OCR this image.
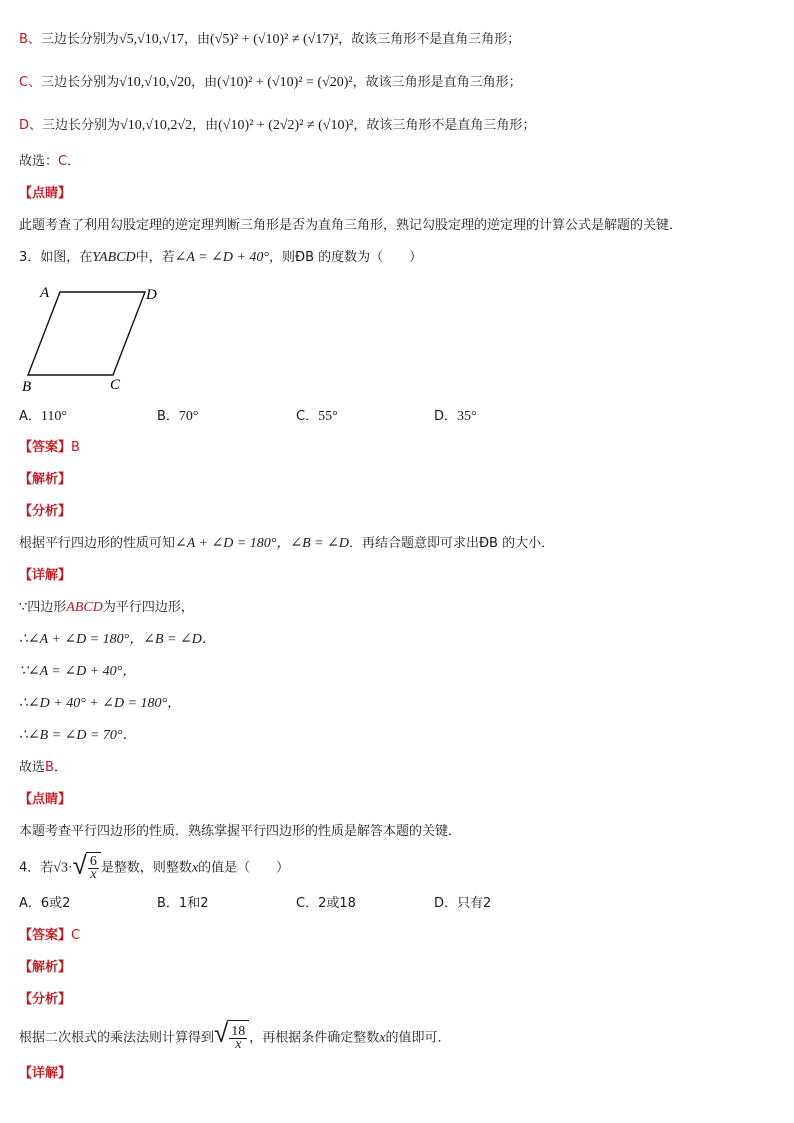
B、三边长分别为√5,√10,√17，由(√5)² + (√10)² ≠ (√17)²，故该三角形不是直角三角形；
C、三边长分别为√10,√10,√20，由(√10)² + (√10)² = (√20)²，故该三角形是直角三角形；
D、三边长分别为√10,√10,2√2，由(√10)² + (2√2)² ≠ (√10)²，故该三角形不是直角三角形；
故选：C．
【点睛】
此题考查了利用勾股定理的逆定理判断三角形是否为直角三角形，熟记勾股定理的逆定理的计算公式是解题的关键．
3．如图，在YABCD中，若∠A = ∠D + 40°，则ÐB 的度数为（　　）
A	D
B	C
A．110°	B．70°	C．55°	D．35°
【答案】B
【解析】
【分析】
根据平行四边形的性质可知∠A + ∠D = 180°，∠B = ∠D．再结合题意即可求出ÐB 的大小．
【详解】
∵四边形ABCD为平行四边形，
∴∠A + ∠D = 180°，∠B = ∠D．
∵∠A = ∠D + 40°，
∴∠D + 40° + ∠D = 180°，
∴∠B = ∠D = 70°．
故选B．
【点睛】
本题考查平行四边形的性质．熟练掌握平行四边形的性质是解答本题的关键．
4．若√3· √ $\frac{6}{x}$ 是整数，则整数x的值是（　　）
A．6或2	B．1和2	C．2或18	D．只有2
【答案】C
【解析】
【分析】
根据二次根式的乘法法则计算得到 √ $\frac{18}{x}$ ，再根据条件确定整数x的值即可．
【详解】
